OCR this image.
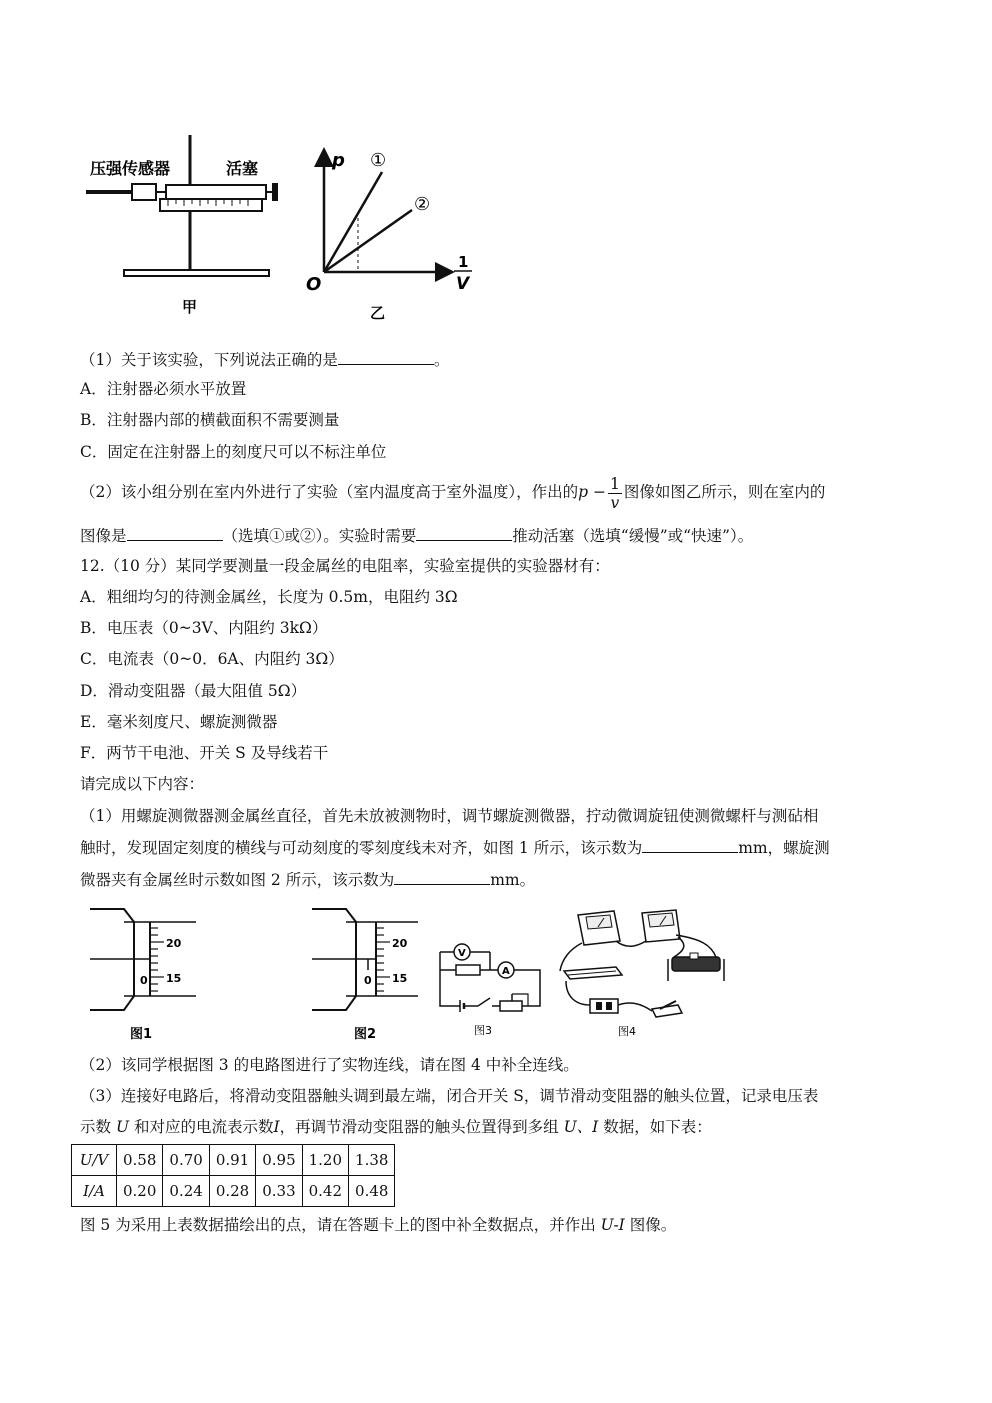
压强传感器	活塞
甲
p
O
1
V
①
②
乙
（1）关于该实验，下列说法正确的是	。
A．注射器必须水平放置
B．注射器内部的横截面积不需要测量
C．固定在注射器上的刻度尺可以不标注单位
（2）该小组分别在室内外进行了实验（室内温度高于室外温度），作出的$p - \frac{1}{v}$ 图像如图乙所示，则在室内的
图像是	（选填①或②）。实验时需要	推动活塞（选填“缓慢”或“快速”）。
12.（10 分）某同学要测量一段金属丝的电阻率，实验室提供的实验器材有：
A．粗细均匀的待测金属丝，长度为 0.5m，电阻约 3Ω
B．电压表（0~3V、内阻约 3kΩ）
C．电流表（0~0．6A、内阻约 3Ω）
D．滑动变阻器（最大阻值 5Ω）
E．毫米刻度尺、螺旋测微器
F．两节干电池、开关 S 及导线若干
请完成以下内容：
（1）用螺旋测微器测金属丝直径，首先未放被测物时，调节螺旋测微器，拧动微调旋钮使测微螺杆与测砧相
触时，发现固定刻度的横线与可动刻度的零刻度线未对齐，如图 1 所示，该示数为	mm，螺旋测
微器夹有金属丝时示数如图 2 所示，该示数为	mm。
20
15
0
图1
20
15
0
图2
V
A
图3	图4
（2）该同学根据图 3 的电路图进行了实物连线，请在图 4 中补全连线。
（3）连接好电路后，将滑动变阻器触头调到最左端，闭合开关 S，调节滑动变阻器的触头位置，记录电压表
示数 U 和对应的电流表示数I，再调节滑动变阻器的触头位置得到多组 U、I 数据，如下表：
U/V	0.58	0.70	0.91	0.95	1.20	1.38
I/A	0.20	0.24	0.28	0.33	0.42	0.48
图 5 为采用上表数据描绘出的点，请在答题卡上的图中补全数据点，并作出 U-I 图像。
